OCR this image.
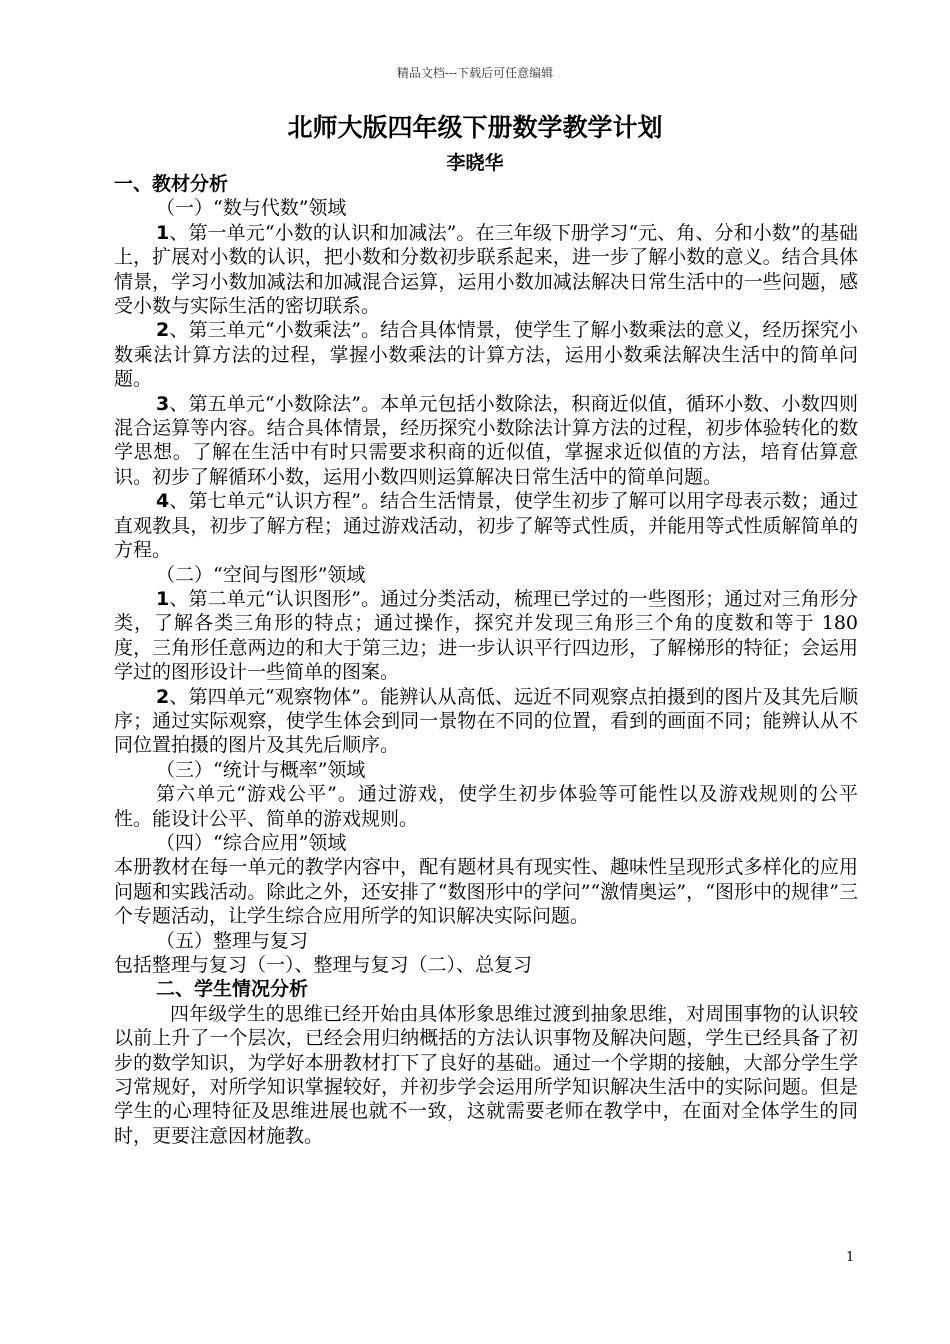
精品文档---下载后可任意编辑
北师大版四年级下册数学教学计划
李晓华

一、教材分析

（一）“数与代数”领域

1、第一单元“小数的认识和加减法”。在三年级下册学习“元、角、分和小数”的基础上，扩展对小数的认识，把小数和分数初步联系起来，进一步了解小数的意义。结合具体情景，学习小数加减法和加减混合运算，运用小数加减法解决日常生活中的一些问题，感受小数与实际生活的密切联系。

2、第三单元“小数乘法”。结合具体情景，使学生了解小数乘法的意义，经历探究小数乘法计算方法的过程，掌握小数乘法的计算方法，运用小数乘法解决生活中的简单问题。

3、第五单元“小数除法”。本单元包括小数除法，积商近似值，循环小数、小数四则混合运算等内容。结合具体情景，经历探究小数除法计算方法的过程，初步体验转化的数学思想。了解在生活中有时只需要求积商的近似值，掌握求近似值的方法，培育估算意识。初步了解循环小数，运用小数四则运算解决日常生活中的简单问题。

4、第七单元“认识方程”。结合生活情景，使学生初步了解可以用字母表示数；通过直观教具，初步了解方程；通过游戏活动，初步了解等式性质，并能用等式性质解简单的方程。

（二）“空间与图形”领域

1、第二单元“认识图形”。通过分类活动，梳理已学过的一些图形；通过对三角形分类，了解各类三角形的特点；通过操作，探究并发现三角形三个角的度数和等于 180 度，三角形任意两边的和大于第三边；进一步认识平行四边形，了解梯形的特征；会运用学过的图形设计一些简单的图案。

2、第四单元“观察物体”。能辨认从高低、远近不同观察点拍摄到的图片及其先后顺序；通过实际观察，使学生体会到同一景物在不同的位置，看到的画面不同；能辨认从不同位置拍摄的图片及其先后顺序。

（三）“统计与概率”领域

第六单元“游戏公平”。通过游戏，使学生初步体验等可能性以及游戏规则的公平性。能设计公平、简单的游戏规则。

（四）“综合应用”领域

本册教材在每一单元的教学内容中，配有题材具有现实性、趣味性呈现形式多样化的应用问题和实践活动。除此之外，还安排了“数图形中的学问”“激情奥运”，“图形中的规律”三个专题活动，让学生综合应用所学的知识解决实际问题。

（五）整理与复习

包括整理与复习（一）、整理与复习（二）、总复习

二、学生情况分析

四年级学生的思维已经开始由具体形象思维过渡到抽象思维，对周围事物的认识较以前上升了一个层次，已经会用归纳概括的方法认识事物及解决问题，学生已经具备了初步的数学知识，为学好本册教材打下了良好的基础。通过一个学期的接触，大部分学生学习常规好，对所学知识掌握较好，并初步学会运用所学知识解决生活中的实际问题。但是学生的心理特征及思维进展也就不一致，这就需要老师在教学中，在面对全体学生的同时，更要注意因材施教。

1
